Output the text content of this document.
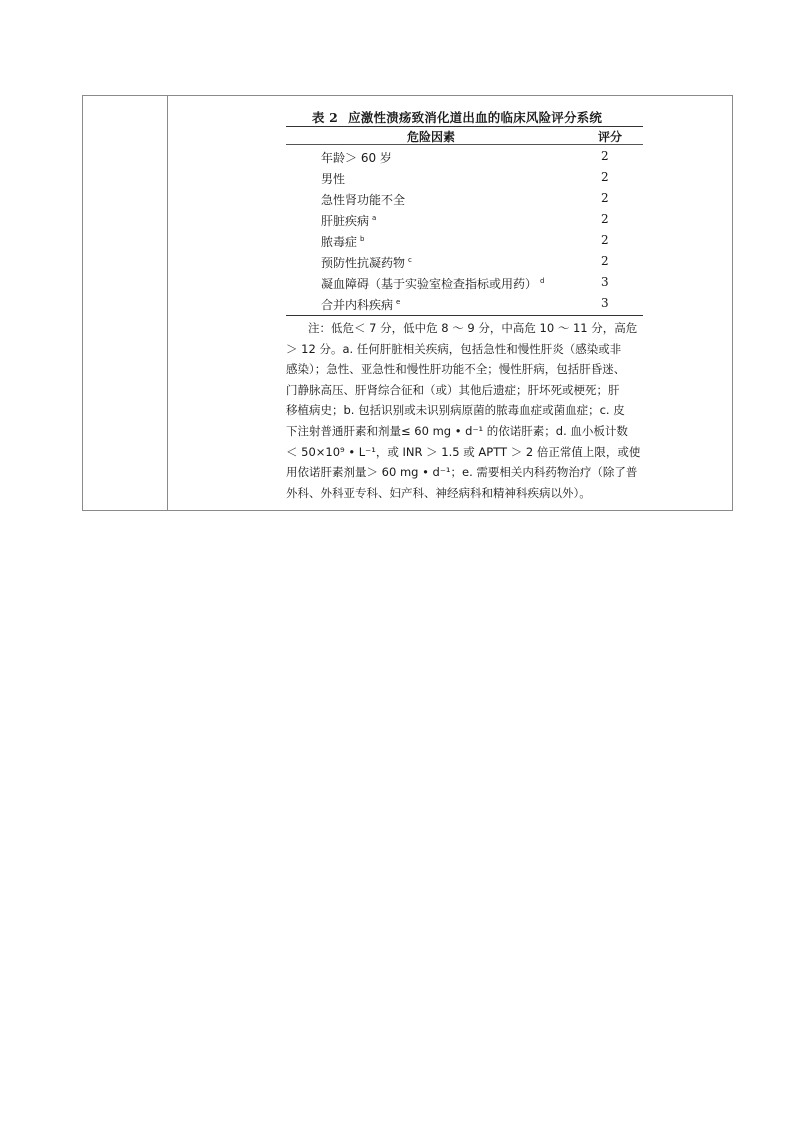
表 2 应激性溃疡致消化道出血的临床风险评分系统
危险因素	评分
年龄＞ 60 岁	2
男性	2
急性肾功能不全	2
肝脏疾病 $^a$	2
脓毒症 $^b$	2
预防性抗凝药物 $^c$	2
凝血障碍（基于实验室检查指标或用药） $^d$	3
合并内科疾病 $^e$	3
注：低危＜ 7 分，低中危 8 ～ 9 分，中高危 10 ～ 11 分，高危
＞ 12 分。a. 任何肝脏相关疾病，包括急性和慢性肝炎（感染或非
感染）；急性、亚急性和慢性肝功能不全；慢性肝病，包括肝昏迷、
门静脉高压、肝肾综合征和（或）其他后遗症；肝坏死或梗死；肝
移植病史；b. 包括识别或未识别病原菌的脓毒血症或菌血症；c. 皮
下注射普通肝素和剂量≤ 60 mg • d⁻¹ 的依诺肝素；d. 血小板计数
＜ 50×10⁹ • L⁻¹，或 INR ＞ 1.5 或 APTT ＞ 2 倍正常值上限，或使
用依诺肝素剂量＞ 60 mg • d⁻¹；e. 需要相关内科药物治疗（除了普
外科、外科亚专科、妇产科、神经病科和精神科疾病以外）。
